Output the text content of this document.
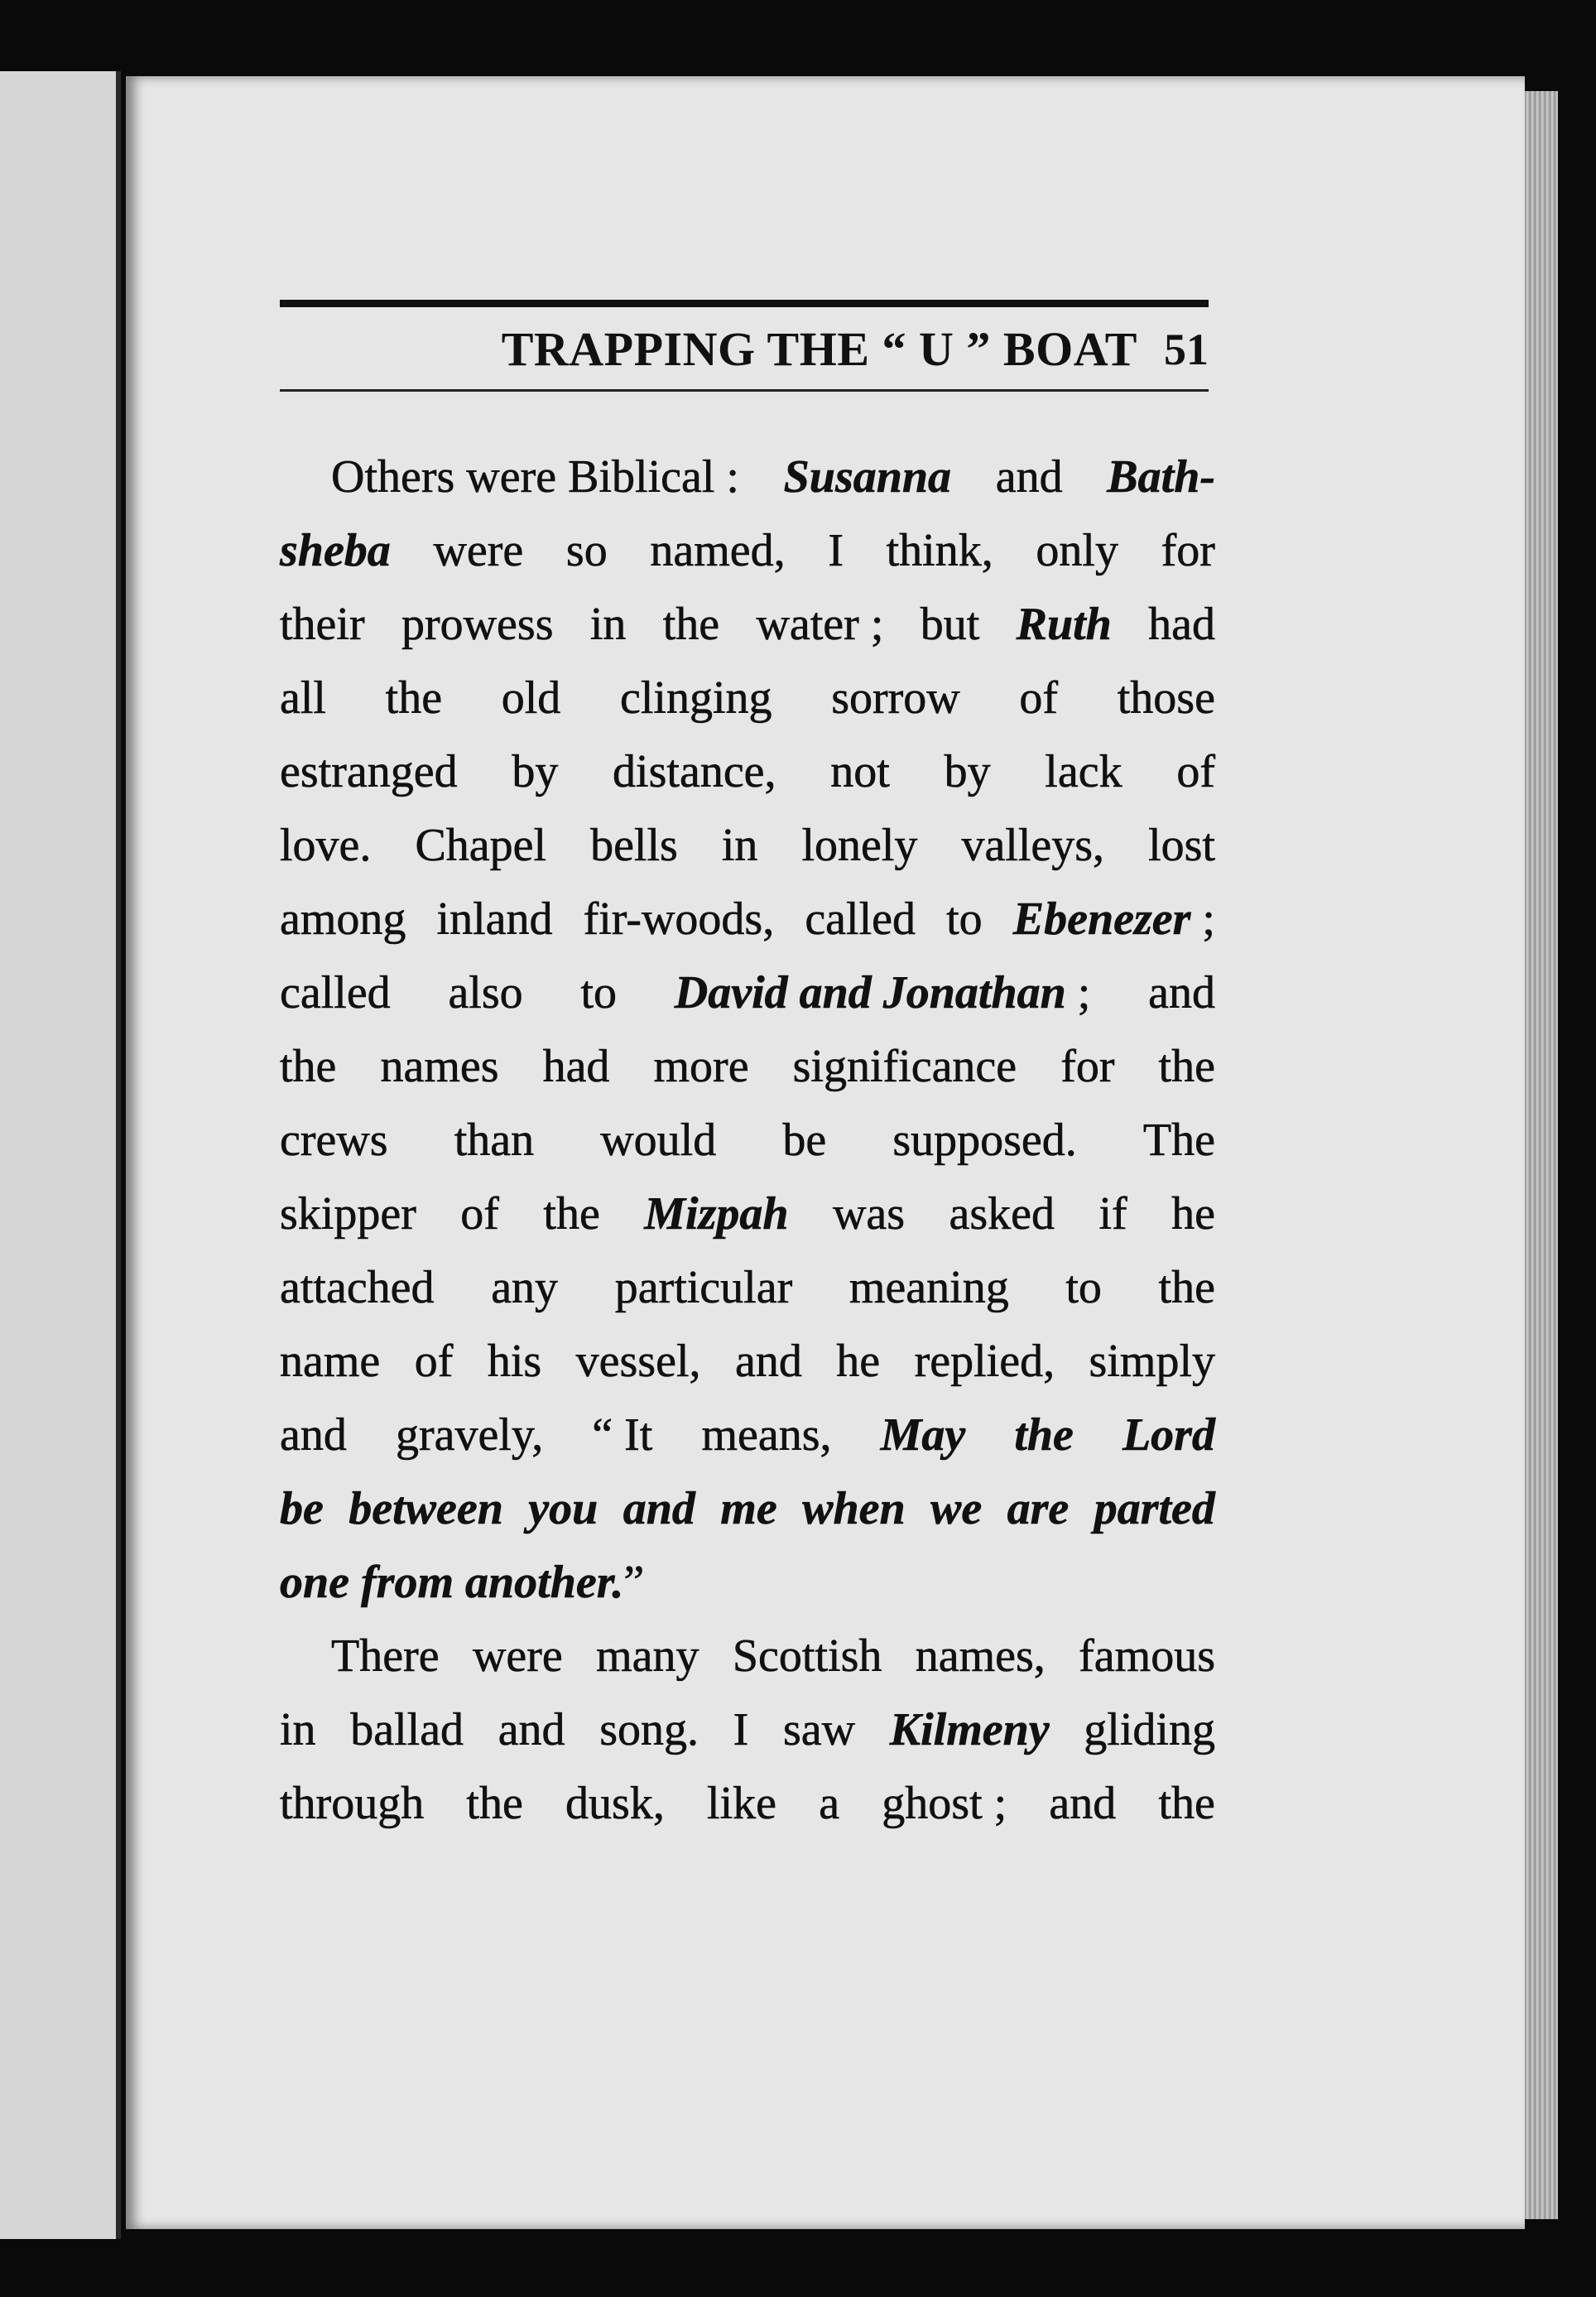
TRAPPING THE “ U ” BOAT 51
Others were Biblical : Susanna and Bath-
sheba were so named, I think, only for
their prowess in the water ; but Ruth had
all the old clinging sorrow of those
estranged by distance, not by lack of
love. Chapel bells in lonely valleys, lost
among inland fir-woods, called to Ebenezer ;
called also to David and Jonathan ; and
the names had more significance for the
crews than would be supposed. The
skipper of the Mizpah was asked if he
attached any particular meaning to the
name of his vessel, and he replied, simply
and gravely, “ It means, May the Lord
be between you and me when we are parted
one from another.”
There were many Scottish names, famous
in ballad and song. I saw Kilmeny gliding
through the dusk, like a ghost ; and the
